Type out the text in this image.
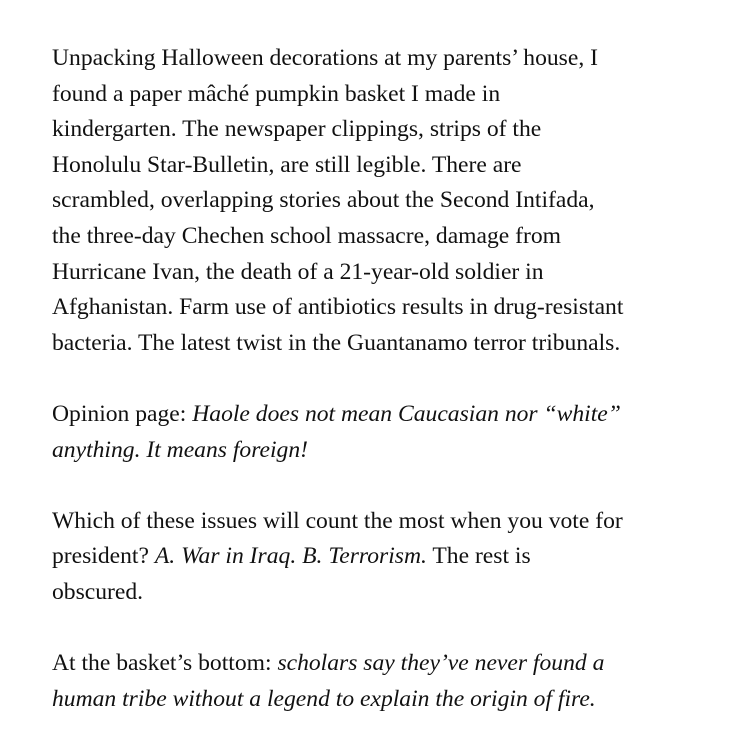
Unpacking Halloween decorations at my parents’ house, I
found a paper mâché pumpkin basket I made in
kindergarten. The newspaper clippings, strips of the
Honolulu Star-Bulletin, are still legible. There are
scrambled, overlapping stories about the Second Intifada,
the three-day Chechen school massacre, damage from
Hurricane Ivan, the death of a 21-year-old soldier in
Afghanistan. Farm use of antibiotics results in drug-resistant
bacteria. The latest twist in the Guantanamo terror tribunals.

Opinion page: Haole does not mean Caucasian nor “white”
anything. It means foreign!

Which of these issues will count the most when you vote for
president? A. War in Iraq. B. Terrorism. The rest is
obscured.

At the basket’s bottom: scholars say they’ve never found a
human tribe without a legend to explain the origin of fire.
